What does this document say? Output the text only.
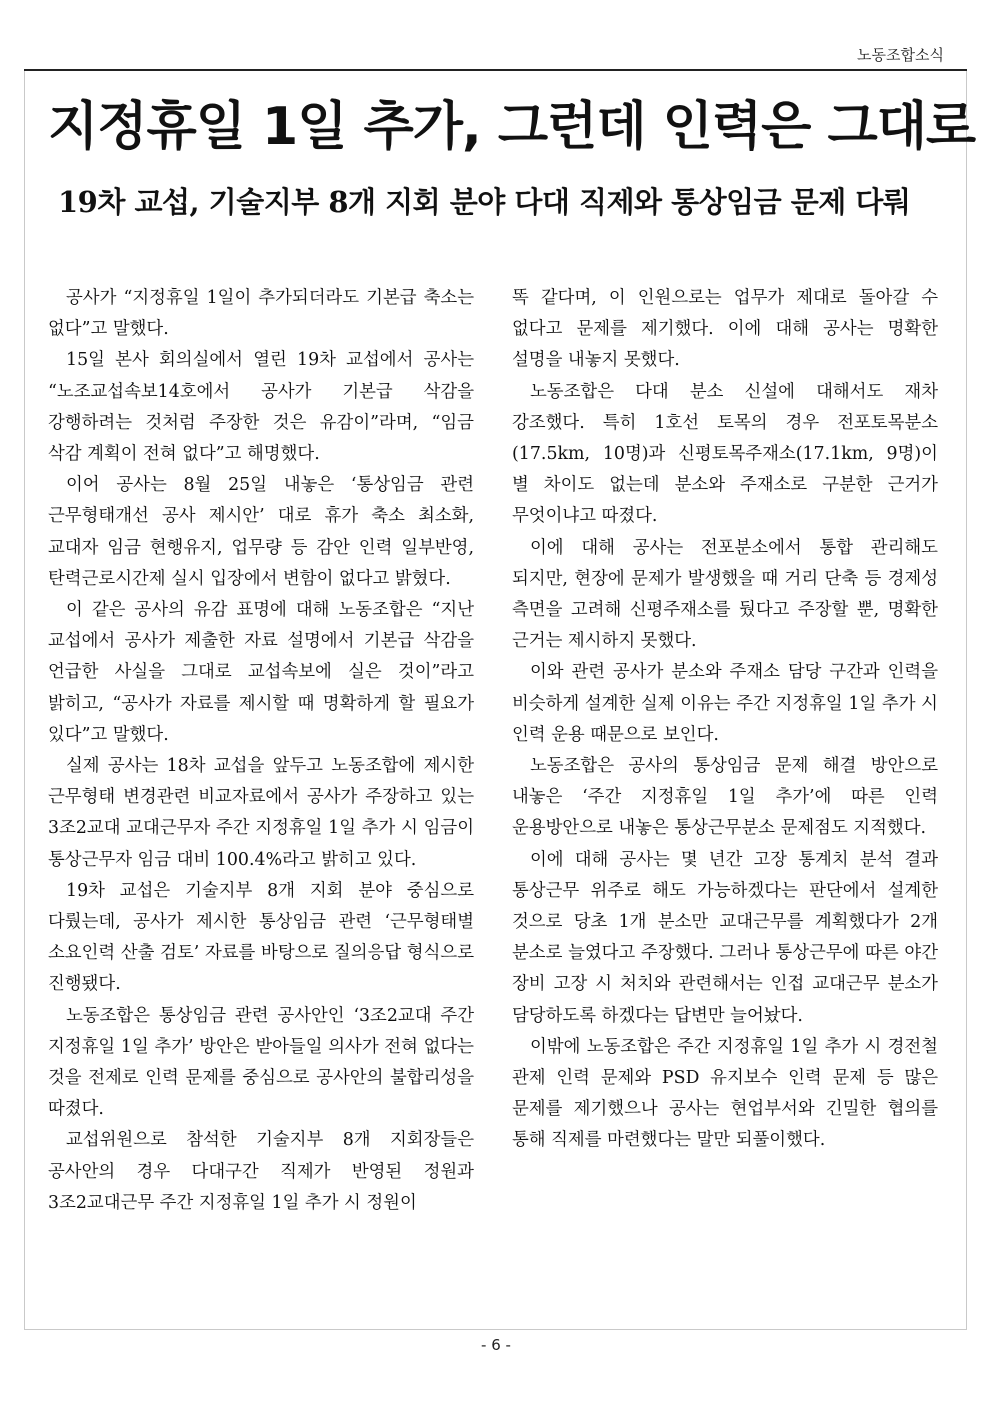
노동조합소식
지정휴일 1일 추가, 그런데 인력은 그대로
19차 교섭, 기술지부 8개 지회 분야 다대 직제와 통상임금 문제 다뤄

공사가 “지정휴일 1일이 추가되더라도 기본급 축소는 없다”고 말했다.

15일 본사 회의실에서 열린 19차 교섭에서 공사는 “노조교섭속보14호에서 공사가 기본급 삭감을 강행하려는 것처럼 주장한 것은 유감이”라며, “임금 삭감 계획이 전혀 없다”고 해명했다.

이어 공사는 8월 25일 내놓은 ‘통상임금 관련 근무형태개선 공사 제시안’ 대로 휴가 축소 최소화, 교대자 임금 현행유지, 업무량 등 감안 인력 일부반영, 탄력근로시간제 실시 입장에서 변함이 없다고 밝혔다.

이 같은 공사의 유감 표명에 대해 노동조합은 “지난 교섭에서 공사가 제출한 자료 설명에서 기본급 삭감을 언급한 사실을 그대로 교섭속보에 실은 것이”라고 밝히고, “공사가 자료를 제시할 때 명확하게 할 필요가 있다”고 말했다.

실제 공사는 18차 교섭을 앞두고 노동조합에 제시한 근무형태 변경관련 비교자료에서 공사가 주장하고 있는 3조2교대 교대근무자 주간 지정휴일 1일 추가 시 임금이 통상근무자 임금 대비 100.4%라고 밝히고 있다.

19차 교섭은 기술지부 8개 지회 분야 중심으로 다뤘는데, 공사가 제시한 통상임금 관련 ‘근무형태별 소요인력 산출 검토’ 자료를 바탕으로 질의응답 형식으로 진행됐다.

노동조합은 통상임금 관련 공사안인 ‘3조2교대 주간 지정휴일 1일 추가’ 방안은 받아들일 의사가 전혀 없다는 것을 전제로 인력 문제를 중심으로 공사안의 불합리성을 따졌다.

교섭위원으로 참석한 기술지부 8개 지회장들은 공사안의 경우 다대구간 직제가 반영된 정원과 3조2교대근무 주간 지정휴일 1일 추가 시 정원이

똑 같다며, 이 인원으로는 업무가 제대로 돌아갈 수 없다고 문제를 제기했다. 이에 대해 공사는 명확한 설명을 내놓지 못했다.

노동조합은 다대 분소 신설에 대해서도 재차 강조했다. 특히 1호선 토목의 경우 전포토목분소(17.5km, 10명)과 신평토목주재소(17.1km, 9명)이 별 차이도 없는데 분소와 주재소로 구분한 근거가 무엇이냐고 따졌다.

이에 대해 공사는 전포분소에서 통합 관리해도 되지만, 현장에 문제가 발생했을 때 거리 단축 등 경제성 측면을 고려해 신평주재소를 뒀다고 주장할 뿐, 명확한 근거는 제시하지 못했다.

이와 관련 공사가 분소와 주재소 담당 구간과 인력을 비슷하게 설계한 실제 이유는 주간 지정휴일 1일 추가 시 인력 운용 때문으로 보인다.

노동조합은 공사의 통상임금 문제 해결 방안으로 내놓은 ‘주간 지정휴일 1일 추가’에 따른 인력 운용방안으로 내놓은 통상근무분소 문제점도 지적했다.

이에 대해 공사는 몇 년간 고장 통계치 분석 결과 통상근무 위주로 해도 가능하겠다는 판단에서 설계한 것으로 당초 1개 분소만 교대근무를 계획했다가 2개 분소로 늘였다고 주장했다. 그러나 통상근무에 따른 야간 장비 고장 시 처치와 관련해서는 인접 교대근무 분소가 담당하도록 하겠다는 답변만 늘어놨다.

이밖에 노동조합은 주간 지정휴일 1일 추가 시 경전철 관제 인력 문제와 PSD 유지보수 인력 문제 등 많은 문제를 제기했으나 공사는 현업부서와 긴밀한 협의를 통해 직제를 마련했다는 말만 되풀이했다.

- 6 -
